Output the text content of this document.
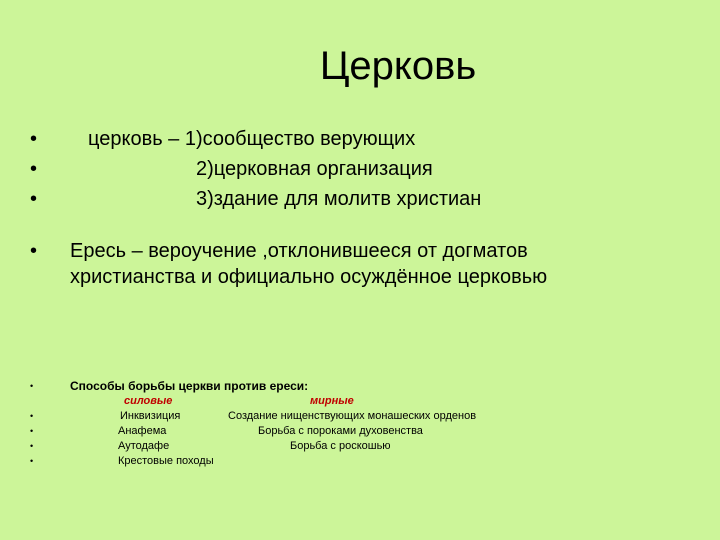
Церковь
•
•
•
церковь – 1)сообщество верующих
2)церковная организация
3)здание для молитв христиан
• Ересь – вероучение ,отклонившееся от догматов
христианства и официально осуждённое церковью
•	Способы борьбы церкви против ереси:
силовые	мирные
•
•
•
•
Инквизиция	Создание нищенствующих монашеских орденов
Анафема	Борьба с пороками духовенства
Аутодафе	Борьба с роскошью
Крестовые походы
